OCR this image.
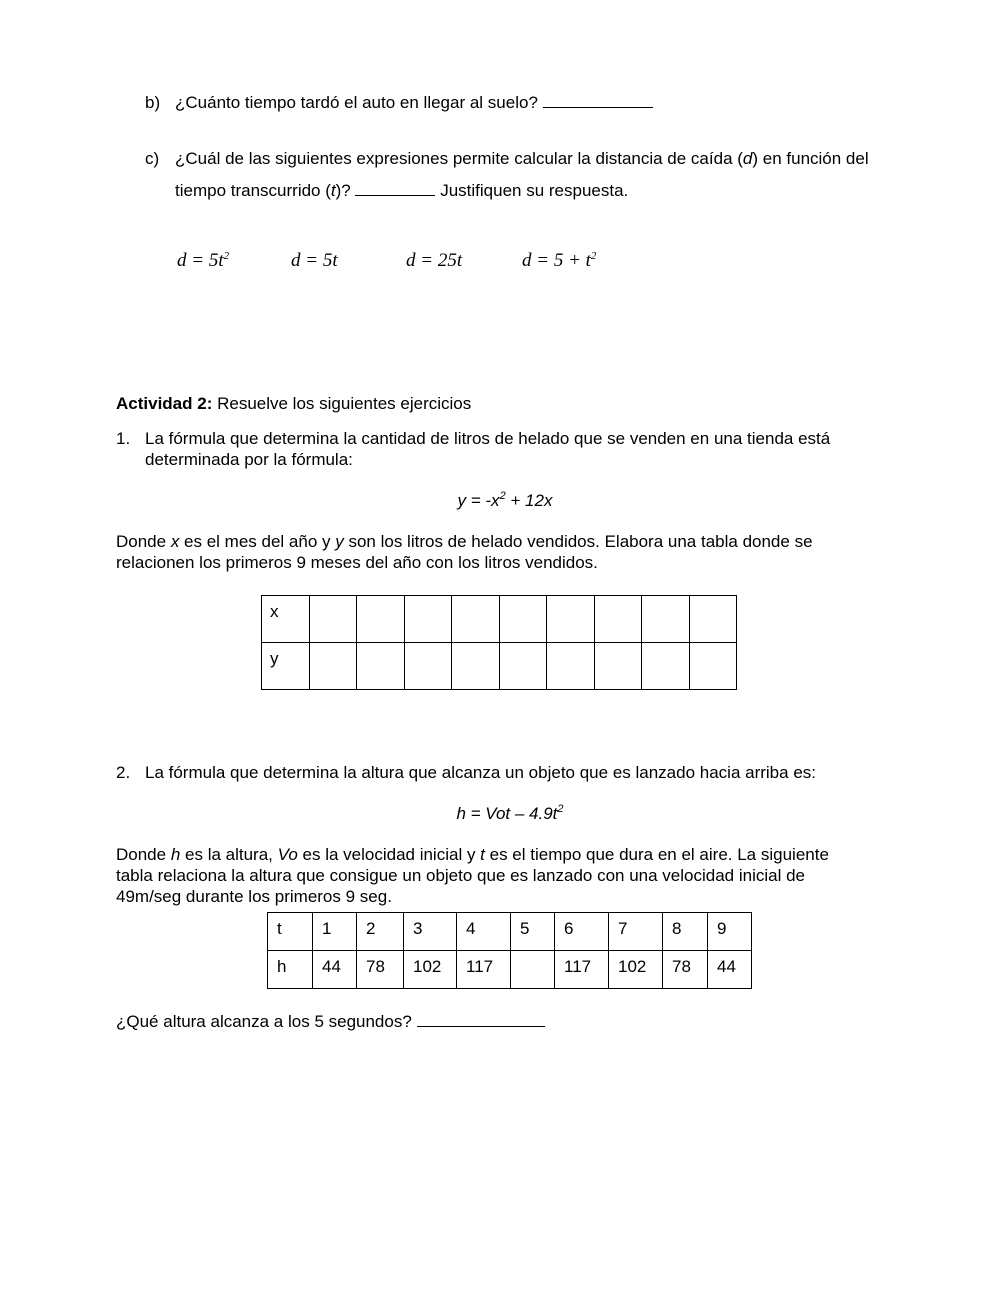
b) ¿Cuánto tiempo tardó el auto en llegar al suelo?
c) ¿Cuál de las siguientes expresiones permite calcular la distancia de caída (d) en función del
tiempo transcurrido (t)?	Justifiquen su respuesta.
$d = 5t^2$	d = 5t	d = 25t	$d = 5 + t^2$
Actividad 2: Resuelve los siguientes ejercicios
1. La fórmula que determina la cantidad de litros de helado que se venden en una tienda está
determinada por la fórmula:
$y = -x^2 + 12x$
Donde x es el mes del año y y son los litros de helado vendidos. Elabora una tabla donde se
relacionen los primeros 9 meses del año con los litros vendidos.
x									

y									

2. La fórmula que determina la altura que alcanza un objeto que es lanzado hacia arriba es:
h = Vot – $4.9t^2$
Donde h es la altura, Vo es la velocidad inicial y t es el tiempo que dura en el aire. La siguiente
tabla relaciona la altura que consigue un objeto que es lanzado con una velocidad inicial de
49m/seg durante los primeros 9 seg.
t	1	2	3	4	5	6	7	8	9

h	44	78	102	117		117	102	78	44
¿Qué altura alcanza a los 5 segundos?
